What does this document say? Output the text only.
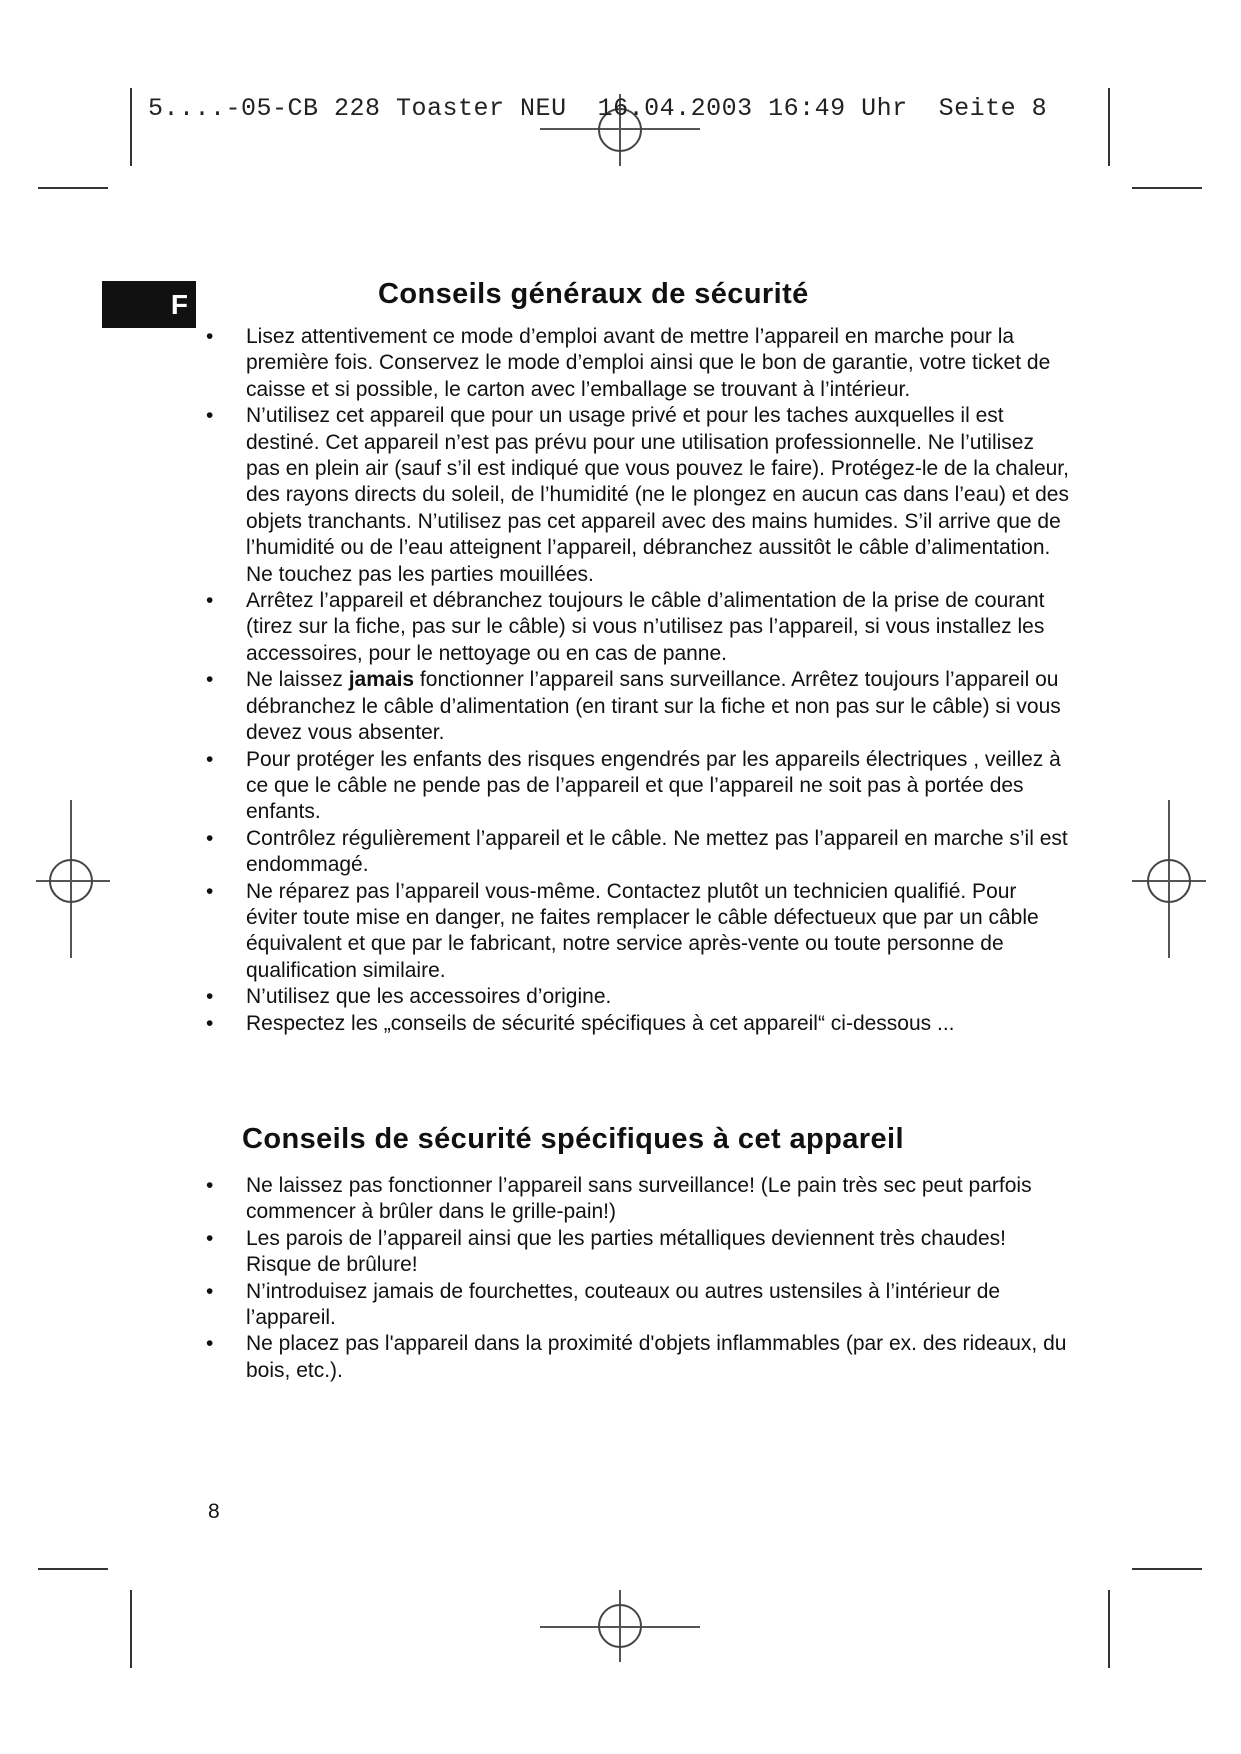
5....-05-CB 228 Toaster NEU  16.04.2003 16:49 Uhr  Seite 8

F	Conseils généraux de sécurité
• Lisez attentivement ce mode d’emploi avant de mettre l’appareil en marche pour la première fois. Conservez le mode d’emploi ainsi que le bon de garantie, votre ticket de caisse et si possible, le carton avec l’emballage se trouvant à l’intérieur.
• N’utilisez cet appareil que pour un usage privé et pour les taches auxquelles il est destiné. Cet appareil n’est pas prévu pour une utilisation professionnelle. Ne l’utilisez pas en plein air (sauf s’il est indiqué que vous pouvez le faire). Protégez-le de la chaleur, des rayons directs du soleil, de l’humidité (ne le plongez en aucun cas dans l’eau) et des objets tranchants. N’utilisez pas cet appareil avec des mains humides. S’il arrive que de l’humidité ou de l’eau atteignent l’appareil, débranchez aussitôt le câble d’alimentation. Ne touchez pas les parties mouillées.
• Arrêtez l’appareil et débranchez toujours le câble d’alimentation de la prise de courant (tirez sur la fiche, pas sur le câble) si vous n’utilisez pas l’appareil, si vous installez les accessoires, pour le nettoyage ou en cas de panne.
• Ne laissez jamais fonctionner l’appareil sans surveillance. Arrêtez toujours l’appareil ou débranchez le câble d’alimentation (en tirant sur la fiche et non pas sur le câble) si vous devez vous absenter.
• Pour protéger les enfants des risques engendrés par les appareils électriques , veillez à ce que le câble ne pende pas de l’appareil et que l’appareil ne soit pas à portée des enfants.
• Contrôlez régulièrement l’appareil et le câble. Ne mettez pas l’appareil en marche s’il est endommagé.
• Ne réparez pas l’appareil vous-même. Contactez plutôt un technicien qualifié. Pour éviter toute mise en danger, ne faites remplacer le câble défectueux que par un câble équivalent et que par le fabricant, notre service après-vente ou toute personne de qualification similaire.
• N’utilisez que les accessoires d’origine.
• Respectez les „conseils de sécurité spécifiques à cet appareil“ ci-dessous ...
Conseils de sécurité spécifiques à cet appareil
• Ne laissez pas fonctionner l’appareil sans surveillance! (Le pain très sec peut parfois commencer à brûler dans le grille-pain!)
• Les parois de l’appareil ainsi que les parties métalliques deviennent très chaudes! Risque de brûlure!
• N’introduisez jamais de fourchettes, couteaux ou autres ustensiles à l’intérieur de l’appareil.
• Ne placez pas l'appareil dans la proximité d'objets inflammables (par ex. des rideaux, du bois, etc.).

8
